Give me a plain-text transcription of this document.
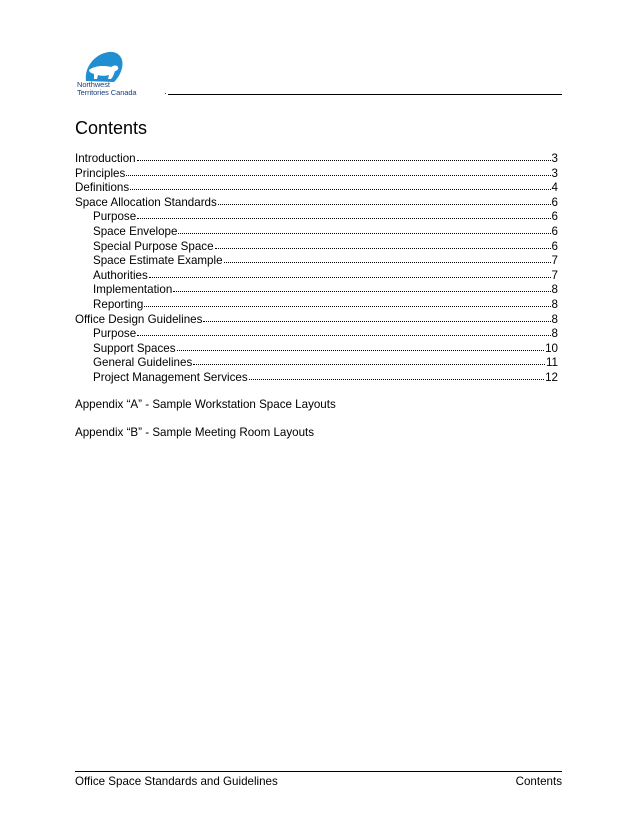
Northwest
Territories Canada
Contents
Introduction	3
Principles	3
Definitions	4
Space Allocation Standards	6
Purpose	6
Space Envelope	6
Special Purpose Space	6
Space Estimate Example	7
Authorities	7
Implementation	8
Reporting	8
Office Design Guidelines	8
Purpose	8
Support Spaces	10
General Guidelines	11
Project Management Services	12

Appendix “A” - Sample Workstation Space Layouts

Appendix “B” - Sample Meeting Room Layouts

Office Space Standards and Guidelines	Contents
